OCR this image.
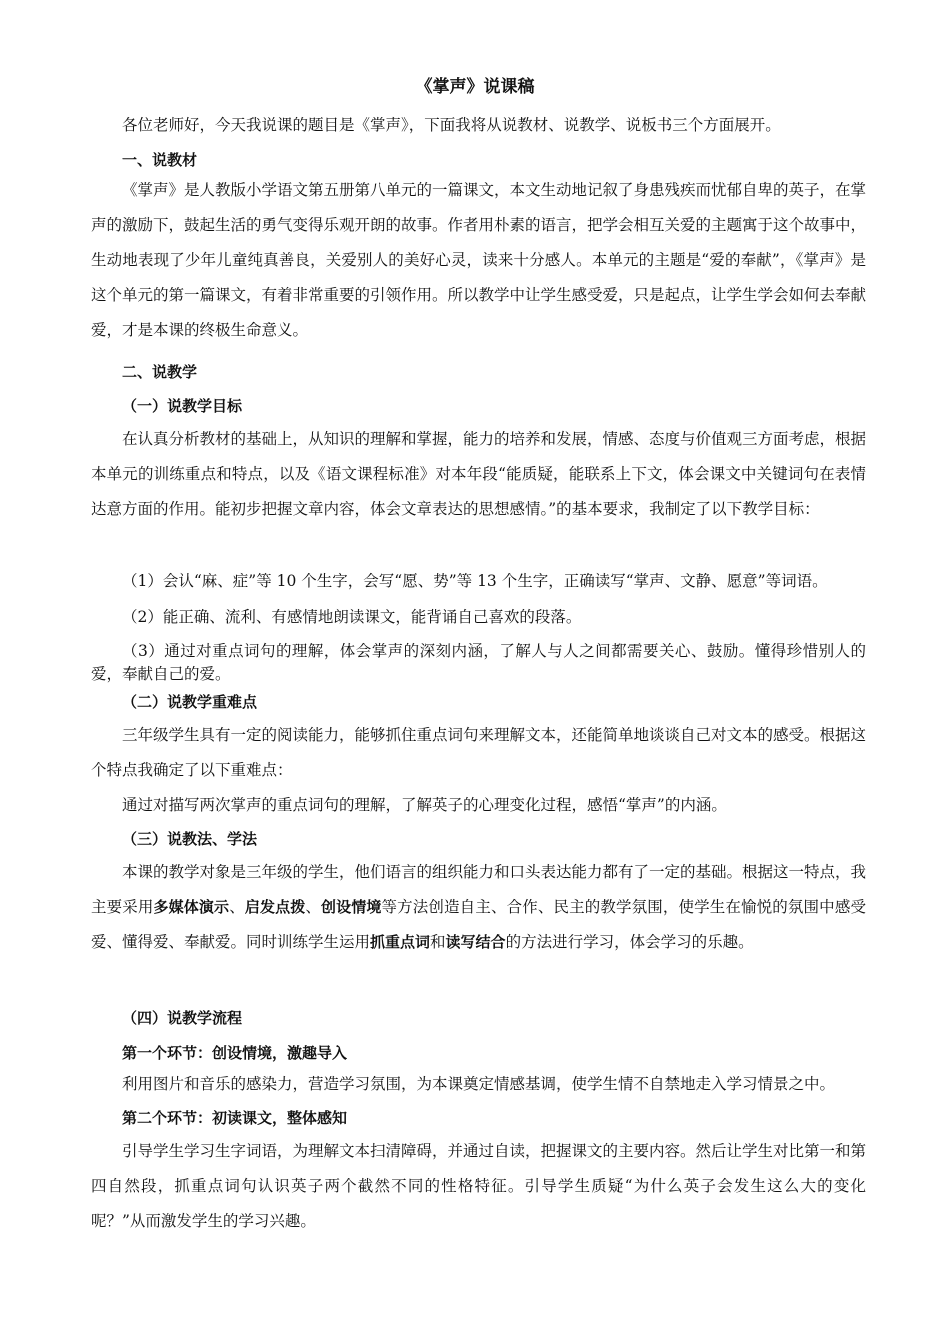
《掌声》说课稿
各位老师好，今天我说课的题目是《掌声》，下面我将从说教材、说教学、说板书三个方面展开。
一、说教材
《掌声》是人教版小学语文第五册第八单元的一篇课文，本文生动地记叙了身患残疾而忧郁自卑的英子，在掌声的激励下，鼓起生活的勇气变得乐观开朗的故事。作者用朴素的语言，把学会相互关爱的主题寓于这个故事中，生动地表现了少年儿童纯真善良，关爱别人的美好心灵，读来十分感人。本单元的主题是“爱的奉献”，《掌声》是这个单元的第一篇课文，有着非常重要的引领作用。所以教学中让学生感受爱，只是起点，让学生学会如何去奉献爱，才是本课的终极生命意义。
二、说教学
（一）说教学目标
在认真分析教材的基础上，从知识的理解和掌握，能力的培养和发展，情感、态度与价值观三方面考虑，根据本单元的训练重点和特点，以及《语文课程标准》对本年段“能质疑，能联系上下文，体会课文中关键词句在表情达意方面的作用。能初步把握文章内容，体会文章表达的思想感情。”的基本要求，我制定了以下教学目标：
（1）会认“麻、症”等 10 个生字，会写“愿、势”等 13 个生字，正确读写“掌声、文静、愿意”等词语。
（2）能正确、流利、有感情地朗读课文，能背诵自己喜欢的段落。
（3）通过对重点词句的理解，体会掌声的深刻内涵，了解人与人之间都需要关心、鼓励。懂得珍惜别人的爱，奉献自己的爱。
（二）说教学重难点
三年级学生具有一定的阅读能力，能够抓住重点词句来理解文本，还能简单地谈谈自己对文本的感受。根据这个特点我确定了以下重难点：
通过对描写两次掌声的重点词句的理解，了解英子的心理变化过程，感悟“掌声”的内涵。
（三）说教法、学法
本课的教学对象是三年级的学生，他们语言的组织能力和口头表达能力都有了一定的基础。根据这一特点，我主要采用多媒体演示、启发点拨、创设情境等方法创造自主、合作、民主的教学氛围，使学生在愉悦的氛围中感受爱、懂得爱、奉献爱。同时训练学生运用抓重点词和读写结合的方法进行学习，体会学习的乐趣。
（四）说教学流程
第一个环节：创设情境，激趣导入
利用图片和音乐的感染力，营造学习氛围，为本课奠定情感基调，使学生情不自禁地走入学习情景之中。
第二个环节：初读课文，整体感知
引导学生学习生字词语，为理解文本扫清障碍，并通过自读，把握课文的主要内容。然后让学生对比第一和第四自然段，抓重点词句认识英子两个截然不同的性格特征。引导学生质疑“为什么英子会发生这么大的变化呢？”从而激发学生的学习兴趣。
